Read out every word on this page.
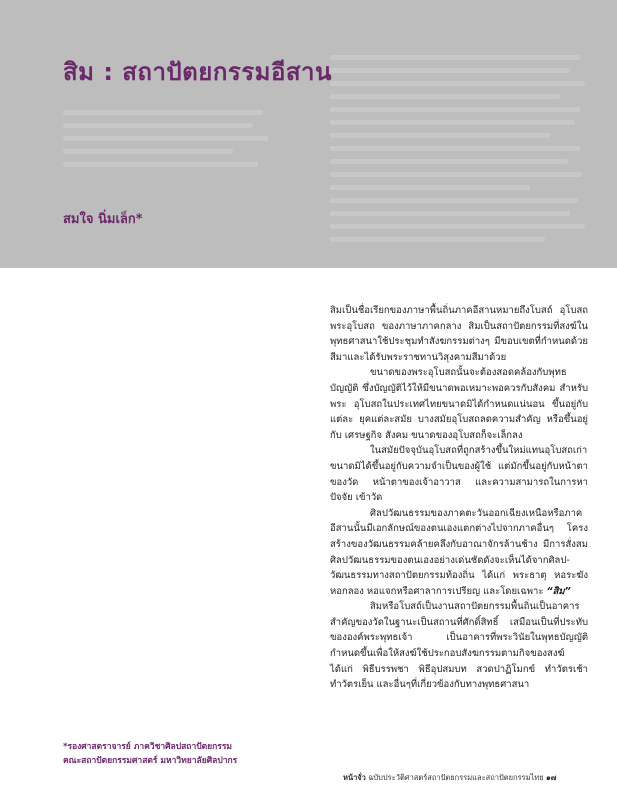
สิม : สถาปัตยกรรมอีสาน
สมใจ นิ่มเล็ก*

สิมเป็นชื่อเรียกของภาษาพื้นถิ่นภาคอีสานหมายถึงโบสถ์ อุโบสถ พระอุโบสถ ของภาษาภาคกลาง สิมเป็นสถาปัตยกรรมที่สงฆ์ใน พุทธศาสนาใช้ประชุมทำสังฆกรรมต่างๆ มีขอบเขตที่กำหนดด้วย สีมาและได้รับพระราชทานวิสุงคามสีมาด้วย

ขนาดของพระอุโบสถนั้นจะต้องสอดคล้องกับพุทธบัญญัติ ซึ่งบัญญัติไว้ให้มีขนาดพอเหมาะพอควรกับสังคม สำหรับพระ อุโบสถในประเทศไทยขนาดมิได้กำหนดแน่นอน ขึ้นอยู่กับแต่ละ ยุคแต่ละสมัย บางสมัยอุโบสถลดความสำคัญ หรือขึ้นอยู่กับ เศรษฐกิจ สังคม ขนาดของอุโบสถก็จะเล็กลง

ในสมัยปัจจุบันอุโบสถที่ถูกสร้างขึ้นใหม่แทนอุโบสถเก่า ขนาดมิได้ขึ้นอยู่กับความจำเป็นของผู้ใช้ แต่มักขึ้นอยู่กับหน้าตา ของวัด หน้าตาของเจ้าอาวาส และความสามารถในการหาปัจจัย เข้าวัด

ศิลปวัฒนธรรมของภาคตะวันออกเฉียงเหนือหรือภาค อีสานนั้นมีเอกลักษณ์ของตนเองแตกต่างไปจากภาคอื่นๆ โครง สร้างของวัฒนธรรมคล้ายคลึงกับอาณาจักรล้านช้าง มีการสั่งสม ศิลปวัฒนธรรมของตนเองอย่างเด่นชัดดังจะเห็นได้จากศิลป- วัฒนธรรมทางสถาปัตยกรรมท้องถิ่น ได้แก่ พระธาตุ หอระฆัง หอกลอง หอแจกหรือศาลาการเปรียญ และโดยเฉพาะ “สิม”

สิมหรือโบสถ์เป็นงานสถาปัตยกรรมพื้นถิ่นเป็นอาคาร สำคัญของวัดในฐานะเป็นสถานที่ศักดิ์สิทธิ์ เสมือนเป็นที่ประทับ ขององค์พระพุทธเจ้า เป็นอาคารที่พระวินัยในพุทธบัญญัติ กำหนดขึ้นเพื่อให้สงฆ์ใช้ประกอบสังฆกรรมตามกิจของสงฆ์ ได้แก่ พิธีบรรพชา พิธีอุปสมบท สวดปาฏิโมกข์ ทำวัตรเช้า ทำวัตรเย็น และอื่นๆที่เกี่ยวข้องกับทางพุทธศาสนา

*รองศาสตราจารย์ ภาควิชาศิลปสถาปัตยกรรม
คณะสถาปัตยกรรมศาสตร์ มหาวิทยาลัยศิลปากร
หน้าจั่ว ฉบับประวัติศาสตร์สถาปัตยกรรมและสถาปัตยกรรมไทย ๑๗
